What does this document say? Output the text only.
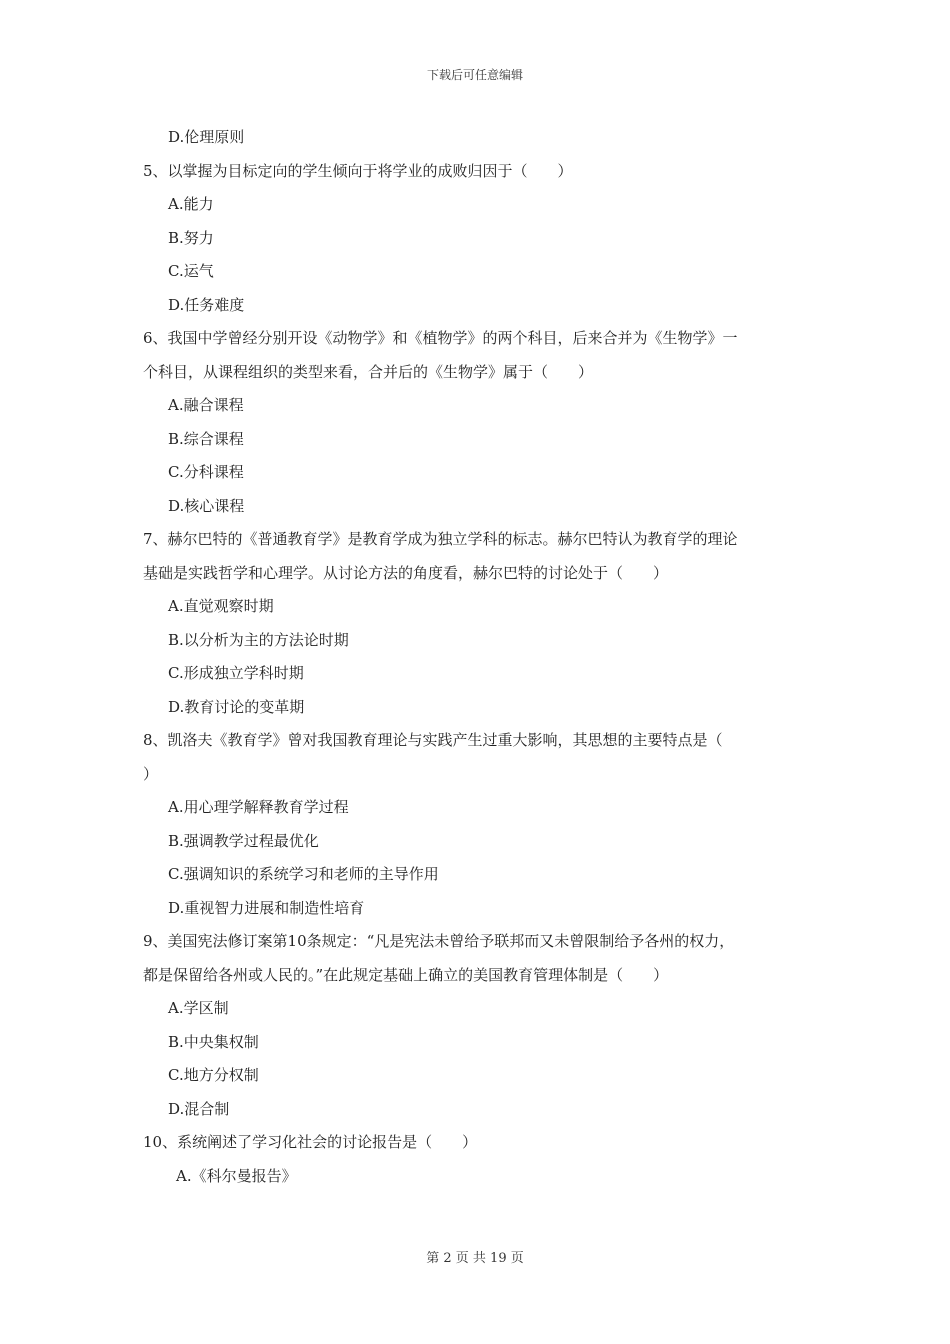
下载后可任意编辑

D.伦理原则

5、以掌握为目标定向的学生倾向于将学业的成败归因于（　　）

A.能力

B.努力

C.运气

D.任务难度

6、我国中学曾经分别开设《动物学》和《植物学》的两个科目，后来合并为《生物学》一

个科目，从课程组织的类型来看，合并后的《生物学》属于（　　）

A.融合课程

B.综合课程

C.分科课程

D.核心课程

7、赫尔巴特的《普通教育学》是教育学成为独立学科的标志。赫尔巴特认为教育学的理论

基础是实践哲学和心理学。从讨论方法的角度看，赫尔巴特的讨论处于（　　）

A.直觉观察时期

B.以分析为主的方法论时期

C.形成独立学科时期

D.教育讨论的变革期

8、凯洛夫《教育学》曾对我国教育理论与实践产生过重大影响，其思想的主要特点是（

）

A.用心理学解释教育学过程

B.强调教学过程最优化

C.强调知识的系统学习和老师的主导作用

D.重视智力进展和制造性培育

9、美国宪法修订案第10条规定：“凡是宪法未曾给予联邦而又未曾限制给予各州的权力，

都是保留给各州或人民的。”在此规定基础上确立的美国教育管理体制是（　　）

A.学区制

B.中央集权制

C.地方分权制

D.混合制

10、系统阐述了学习化社会的讨论报告是（　　）

A.《科尔曼报告》

第 2 页 共 19 页
